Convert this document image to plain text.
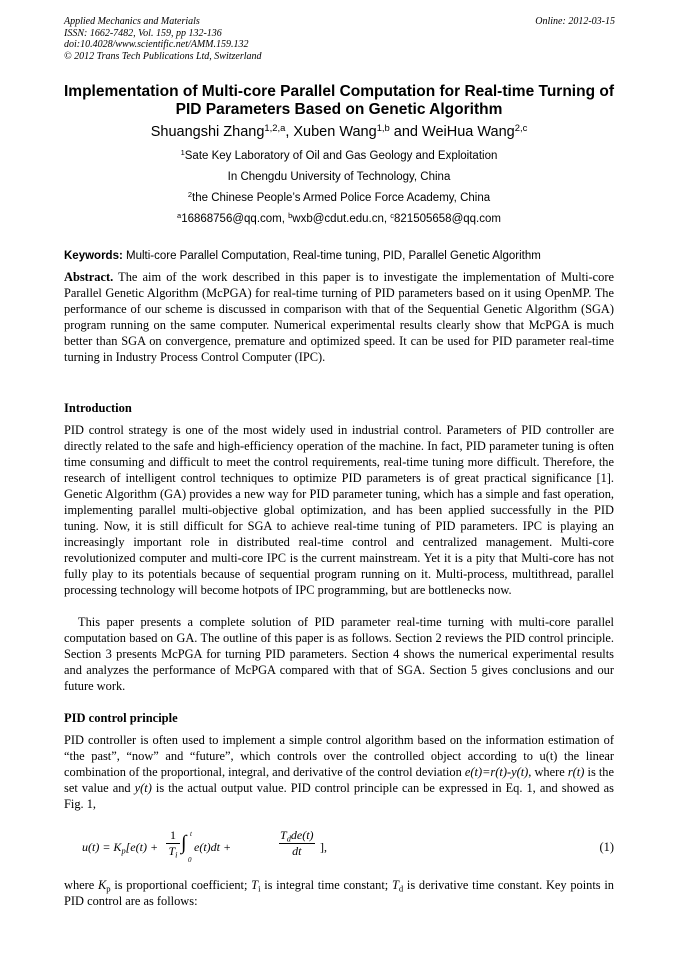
Applied Mechanics and Materials
ISSN: 1662-7482, Vol. 159, pp 132-136
doi:10.4028/www.scientific.net/AMM.159.132
© 2012 Trans Tech Publications Ltd, Switzerland
Online: 2012-03-15
Implementation of Multi-core Parallel Computation for Real-time Turning of PID Parameters Based on Genetic Algorithm
Shuangshi Zhang$^{1,2,a}$, Xuben Wang$^{1,b}$ and WeiHua Wang$^{2,c}$
$^1$Sate Key Laboratory of Oil and Gas Geology and Exploitation
In Chengdu University of Technology, China
$^2$the Chinese People’s Armed Police Force Academy, China
$^a$16868756@qq.com, $^b$wxb@cdut.edu.cn, $^c$821505658@qq.com
Keywords: Multi-core Parallel Computation, Real-time tuning, PID, Parallel Genetic Algorithm
Abstract. The aim of the work described in this paper is to investigate the implementation of Multi-core Parallel Genetic Algorithm (McPGA) for real-time turning of PID parameters based on it using OpenMP. The performance of our scheme is discussed in comparison with that of the Sequential Genetic Algorithm (SGA) program running on the same computer. Numerical experimental results clearly show that McPGA is much better than SGA on convergence, premature and optimized speed. It can be used for PID parameter real-time turning in Industry Process Control Computer (IPC).
Introduction
PID control strategy is one of the most widely used in industrial control. Parameters of PID controller are directly related to the safe and high-efficiency operation of the machine. In fact, PID parameter tuning is often time consuming and difficult to meet the control requirements, real-time tuning more difficult. Therefore, the research of intelligent control techniques to optimize PID parameters is of great practical significance [1]. Genetic Algorithm (GA) provides a new way for PID parameter tuning, which has a simple and fast operation, implementing parallel multi-objective global optimization, and has been applied successfully in the PID tuning. Now, it is still difficult for SGA to achieve real-time tuning of PID parameters. IPC is playing an increasingly important role in distributed real-time control and centralized management. Multi-core revolutionized computer and multi-core IPC is the current mainstream. Yet it is a pity that Multi-core has not fully play to its potentials because of sequential program running on it. Multi-process, multithread, parallel processing technology will become hotpots of IPC programming, but are bottlenecks now.
This paper presents a complete solution of PID parameter real-time turning with multi-core parallel computation based on GA. The outline of this paper is as follows. Section 2 reviews the PID control principle. Section 3 presents McPGA for turning PID parameters. Section 4 shows the numerical experimental results and analyzes the performance of McPGA compared with that of SGA. Section 5 gives conclusions and our future work.
PID control principle
PID controller is often used to implement a simple control algorithm based on the information estimation of “the past”, “now” and “future”, which controls over the controlled object according to u(t) the linear combination of the proportional, integral, and derivative of the control deviation e(t)=r(t)-y(t), where r(t) is the set value and y(t) is the actual output value. PID control principle can be expressed in Eq. 1, and showed as Fig. 1,
$u(t) = K_p[e(t) + \frac{1}{T_i}$ ∫ t
0
e(t)dt +
$T_dde(t)$
dt	],	(1)
where $K_p$ is proportional coefficient; $T_i$ is integral time constant; $T_d$ is derivative time constant. Key points in PID control are as follows:
